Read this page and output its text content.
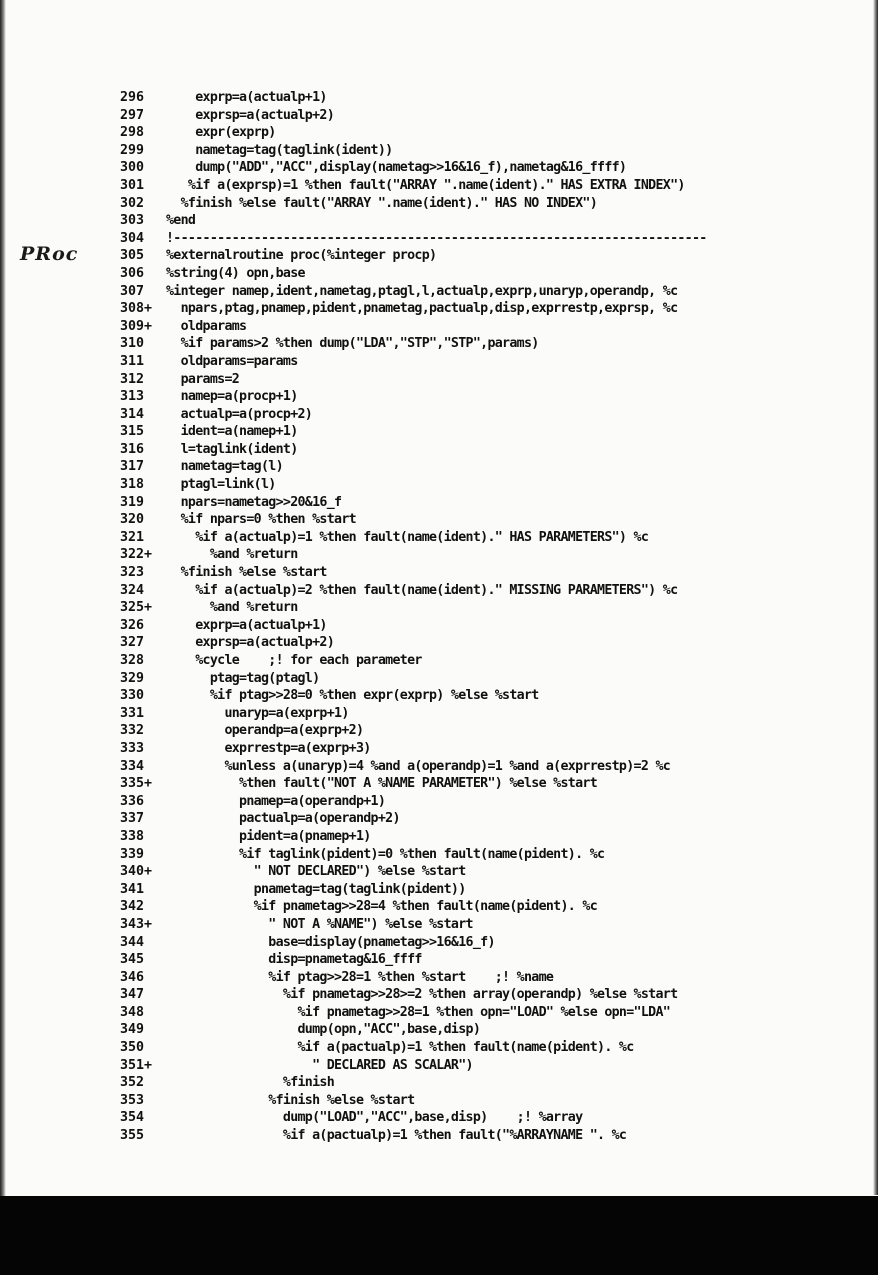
PRoc
296 exprp=a(actualp+1)
297 exprsp=a(actualp+2)
298 expr(exprp)
299 nametag=tag(taglink(ident))
300 dump("ADD","ACC",display(nametag>>16&16_f),nametag&16_ffff)
301 %if a(exprsp)=1 %then fault("ARRAY ".name(ident)." HAS EXTRA INDEX")
302 %finish %else fault("ARRAY ".name(ident)." HAS NO INDEX")
303 %end
304 !-------------------------------------------------------------------------
305 %externalroutine proc(%integer procp)
306 %string(4) opn,base
307 %integer namep,ident,nametag,ptagl,l,actualp,exprp,unaryp,operandp, %c
308+ npars,ptag,pnamep,pident,pnametag,pactualp,disp,exprrestp,exprsp, %c
309+ oldparams
310 %if params>2 %then dump("LDA","STP","STP",params)
311 oldparams=params
312 params=2
313 namep=a(procp+1)
314 actualp=a(procp+2)
315 ident=a(namep+1)
316 l=taglink(ident)
317 nametag=tag(l)
318 ptagl=link(l)
319 npars=nametag>>20&16_f
320 %if npars=0 %then %start
321 %if a(actualp)=1 %then fault(name(ident)." HAS PARAMETERS") %c
322+ %and %return
323 %finish %else %start
324 %if a(actualp)=2 %then fault(name(ident)." MISSING PARAMETERS") %c
325+ %and %return
326 exprp=a(actualp+1)
327 exprsp=a(actualp+2)
328 %cycle    ;! for each parameter
329 ptag=tag(ptagl)
330 %if ptag>>28=0 %then expr(exprp) %else %start
331 unaryp=a(exprp+1)
332 operandp=a(exprp+2)
333 exprrestp=a(exprp+3)
334 %unless a(unaryp)=4 %and a(operandp)=1 %and a(exprrestp)=2 %c
335+ %then fault("NOT A %NAME PARAMETER") %else %start
336 pnamep=a(operandp+1)
337 pactualp=a(operandp+2)
338 pident=a(pnamep+1)
339 %if taglink(pident)=0 %then fault(name(pident). %c
340+ " NOT DECLARED") %else %start
341 pnametag=tag(taglink(pident))
342 %if pnametag>>28=4 %then fault(name(pident). %c
343+ " NOT A %NAME") %else %start
344 base=display(pnametag>>16&16_f)
345 disp=pnametag&16_ffff
346 %if ptag>>28=1 %then %start    ;! %name
347 %if pnametag>>28>=2 %then array(operandp) %else %start
348 %if pnametag>>28=1 %then opn="LOAD" %else opn="LDA"
349 dump(opn,"ACC",base,disp)
350 %if a(pactualp)=1 %then fault(name(pident). %c
351+ " DECLARED AS SCALAR")
352 %finish
353 %finish %else %start
354 dump("LOAD","ACC",base,disp)    ;! %array
355 %if a(pactualp)=1 %then fault("%ARRAYNAME ". %c
